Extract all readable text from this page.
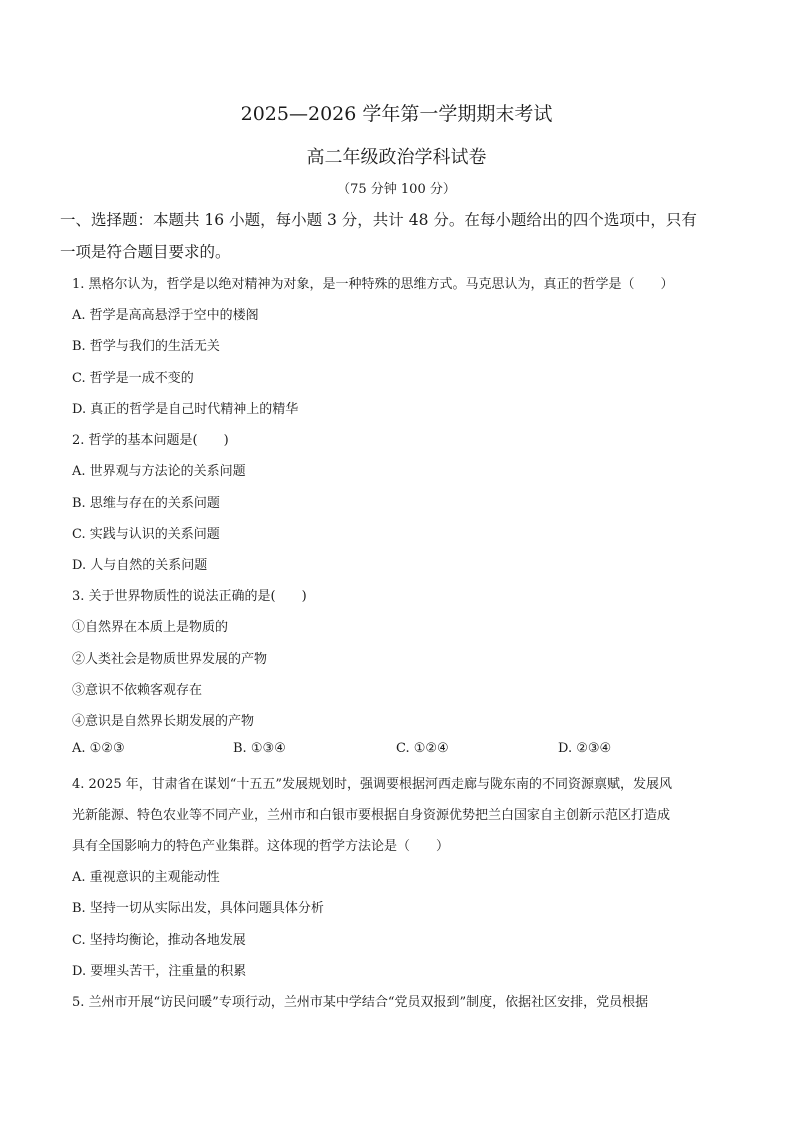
2025—2026 学年第一学期期末考试
高二年级政治学科试卷
（75 分钟 100 分）
一、选择题：本题共 16 小题，每小题 3 分，共计 48 分。在每小题给出的四个选项中，只有
一项是符合题目要求的。
1. 黑格尔认为，哲学是以绝对精神为对象，是一种特殊的思维方式。马克思认为，真正的哲学是（　　）
A. 哲学是高高悬浮于空中的楼阁
B. 哲学与我们的生活无关
C. 哲学是一成不变的
D. 真正的哲学是自己时代精神上的精华
2. 哲学的基本问题是(　　)
A. 世界观与方法论的关系问题
B. 思维与存在的关系问题
C. 实践与认识的关系问题
D. 人与自然的关系问题
3. 关于世界物质性的说法正确的是(　　)
①自然界在本质上是物质的
②人类社会是物质世界发展的产物
③意识不依赖客观存在
④意识是自然界长期发展的产物
A. ①②③	B. ①③④	C. ①②④	D. ②③④
4. 2025 年，甘肃省在谋划“十五五”发展规划时，强调要根据河西走廊与陇东南的不同资源禀赋，发展风
光新能源、特色农业等不同产业，兰州市和白银市要根据自身资源优势把兰白国家自主创新示范区打造成
具有全国影响力的特色产业集群。这体现的哲学方法论是（　　）
A. 重视意识的主观能动性
B. 坚持一切从实际出发，具体问题具体分析
C. 坚持均衡论，推动各地发展
D. 要埋头苦干，注重量的积累
5. 兰州市开展“访民问暖”专项行动，兰州市某中学结合“党员双报到”制度，依据社区安排，党员根据
